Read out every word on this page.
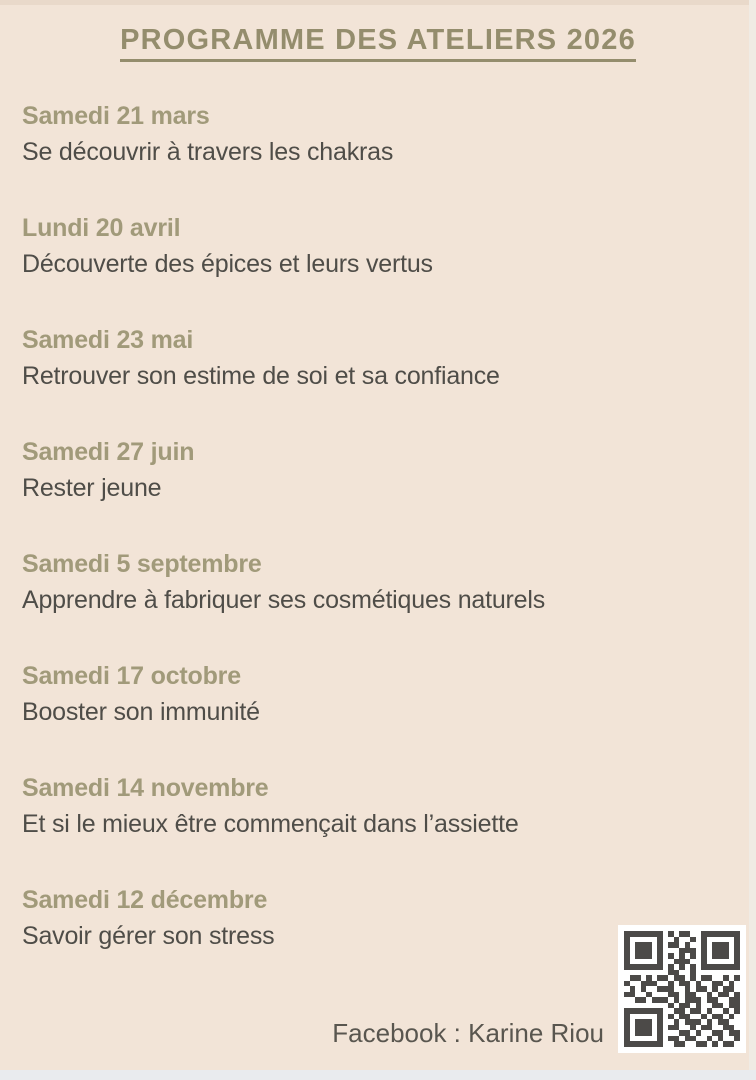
PROGRAMME DES ATELIERS 2026
Samedi 21 mars
Se découvrir à travers les chakras
Lundi 20 avril
Découverte des épices et leurs vertus
Samedi 23 mai
Retrouver son estime de soi et sa confiance
Samedi 27 juin
Rester jeune
Samedi 5 septembre
Apprendre à fabriquer ses cosmétiques naturels
Samedi 17 octobre
Booster son immunité
Samedi 14 novembre
Et si le mieux être commençait dans l’assiette
Samedi 12 décembre
Savoir gérer son stress
Facebook : Karine Riou
